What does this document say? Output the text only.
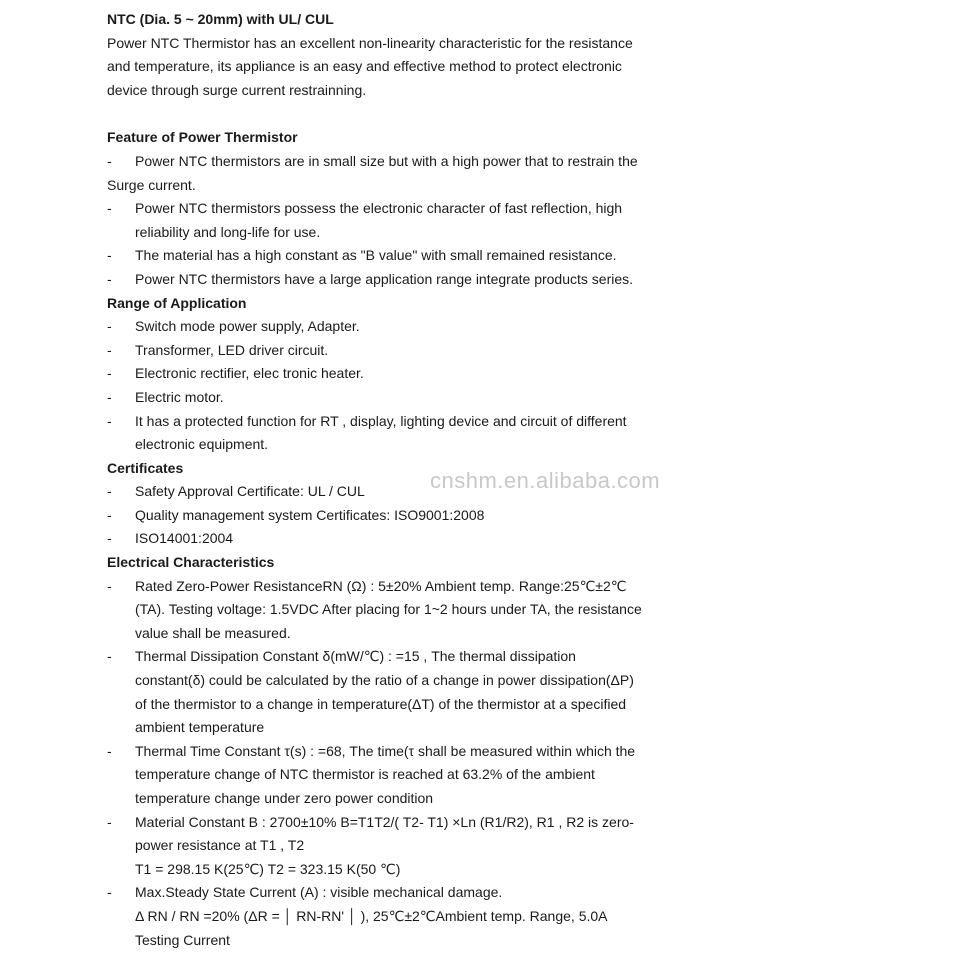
NTC (Dia. 5 ~ 20mm) with UL/ CUL

Power NTC Thermistor has an excellent non-linearity characteristic for the resistance

and temperature, its appliance is an easy and effective method to protect electronic

device through surge current restrainning.

Feature of Power Thermistor

-	Power NTC thermistors are in small size but with a high power that to restrain the

Surge current.

-	Power NTC thermistors possess the electronic character of fast reflection, high
reliability and long-life for use.
-	The material has a high constant as "B value" with small remained resistance.
-	Power NTC thermistors have a large application range integrate products series.

Range of Application

-	Switch mode power supply, Adapter.
-	Transformer, LED driver circuit.
-	Electronic rectifier, elec tronic heater.
-	Electric motor.
-	It has a protected function for RT , display, lighting device and circuit of different
electronic equipment.

Certificates

-	Safety Approval Certificate: UL / CUL
-	Quality management system Certificates: ISO9001:2008
-	ISO14001:2004

Electrical Characteristics

-	Rated Zero-Power ResistanceRN (Ω) : 5±20% Ambient temp. Range:25℃±2℃
(TA). Testing voltage: 1.5VDC After placing for 1~2 hours under TA, the resistance
value shall be measured.
-	Thermal Dissipation Constant δ(mW/℃) : =15 , The thermal dissipation
constant(δ) could be calculated by the ratio of a change in power dissipation(ΔP)
of the thermistor to a change in temperature(ΔT) of the thermistor at a specified
ambient temperature
-	Thermal Time Constant τ(s) : =68, The time(τ shall be measured within which the
temperature change of NTC thermistor is reached at 63.2% of the ambient
temperature change under zero power condition
-	Material Constant B : 2700±10% B=T1T2/( T2- T1) ×Ln (R1/R2), R1 , R2 is zero-
power resistance at T1 , T2
T1 = 298.15 K(25℃) T2 = 323.15 K(50 ℃)
-	Max.Steady State Current (A) : visible mechanical damage.
Δ RN / RN =20% (ΔR = │ RN-RN' │ ), 25℃±2℃Ambient temp. Range, 5.0A
Testing Current
cnshm.en.alibaba.com
